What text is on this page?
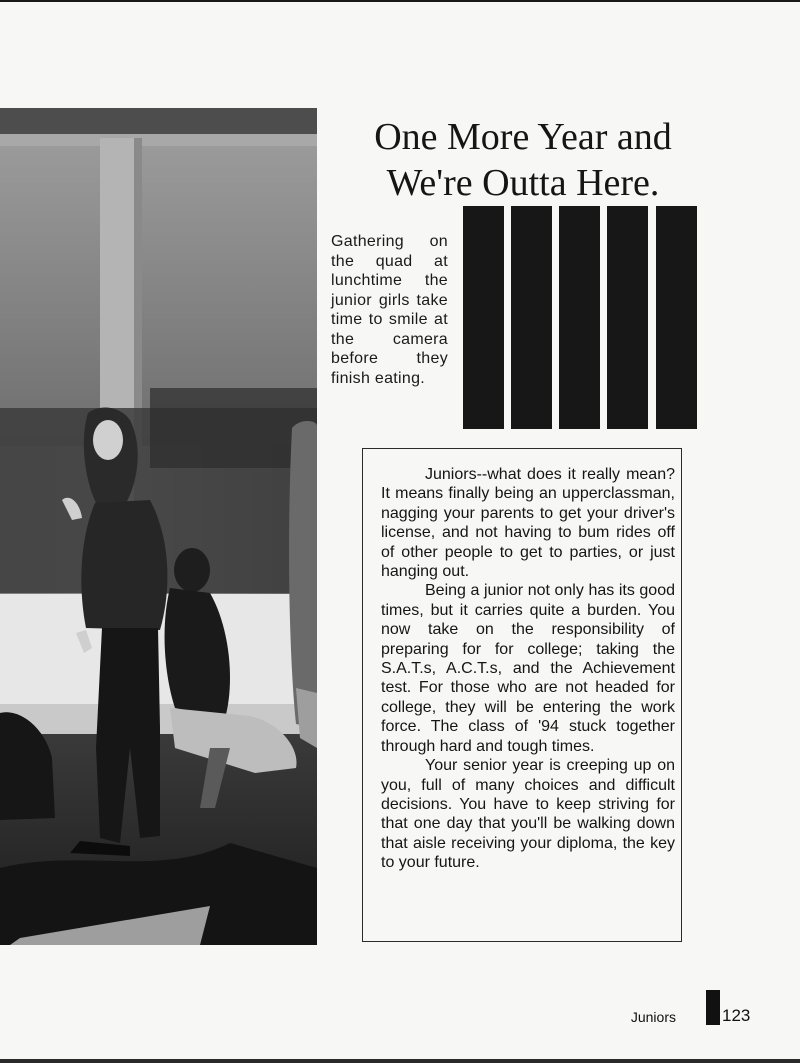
One More Year and
We're Outta Here.
Gathering on the quad at lunchtime the junior girls take time to smile at the camera before they finish eating.

Juniors--what does it really mean? It means finally being an upperclassman, nagging your parents to get your driver's license, and not having to bum rides off of other people to get to parties, or just hanging out.

Being a junior not only has its good times, but it carries quite a burden. You now take on the responsibility of preparing for for college; taking the S.A.T.s, A.C.T.s, and the Achievement test. For those who are not headed for college, they will be entering the work force. The class of '94 stuck together through hard and tough times.

Your senior year is creeping up on you, full of many choices and difficult decisions. You have to keep striving for that one day that you'll be walking down that aisle receiving your diploma, the key to your future.

Juniors	123
